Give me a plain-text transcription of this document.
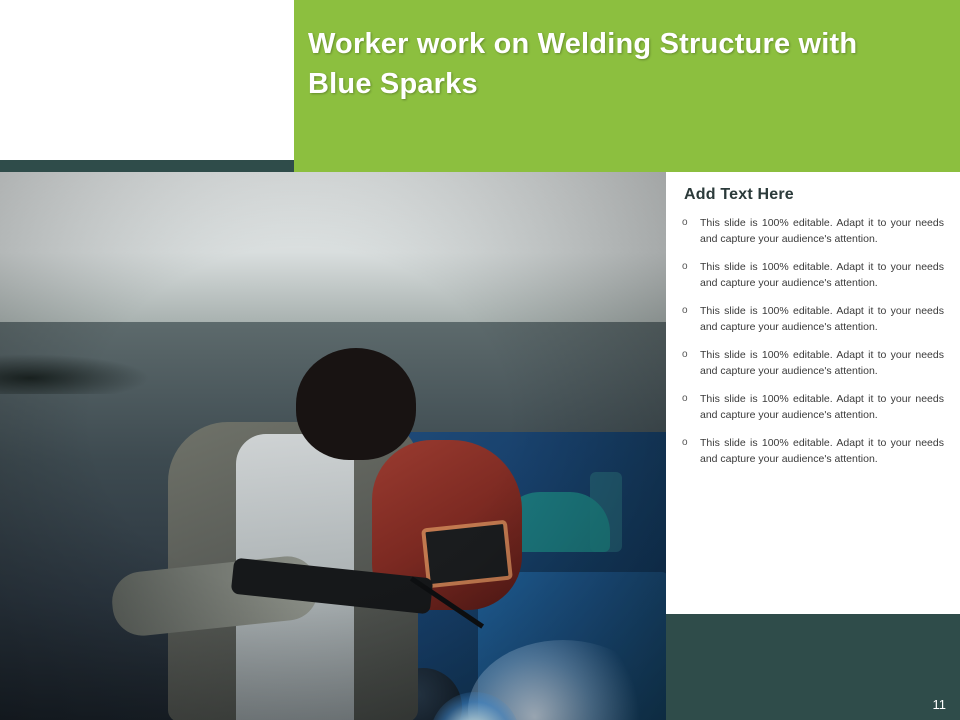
Worker work on Welding Structure with Blue Sparks
Add Text Here
o This slide is 100% editable. Adapt it to your needs and capture your audience's attention.
o This slide is 100% editable. Adapt it to your needs and capture your audience's attention.
o This slide is 100% editable. Adapt it to your needs and capture your audience's attention.
o This slide is 100% editable. Adapt it to your needs and capture your audience's attention.
o This slide is 100% editable. Adapt it to your needs and capture your audience's attention.
o This slide is 100% editable. Adapt it to your needs and capture your audience's attention.
11
